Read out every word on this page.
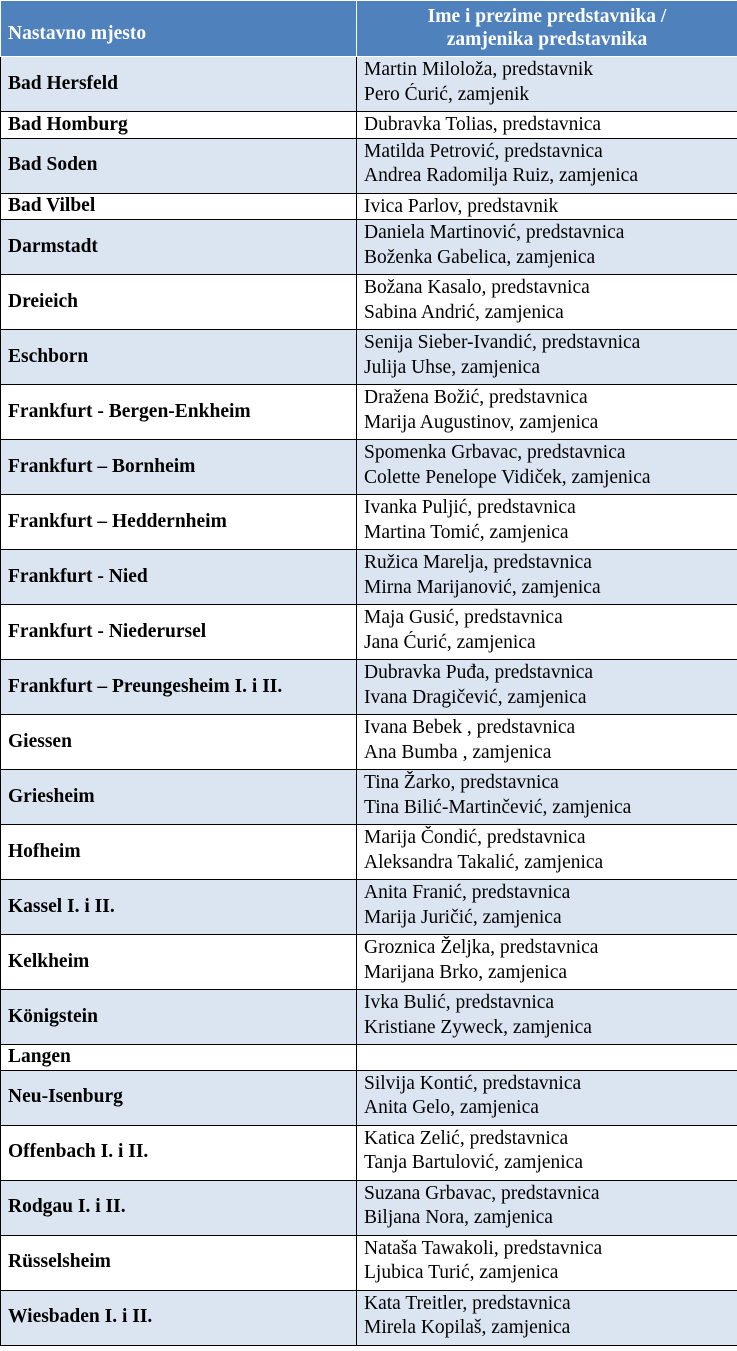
Nastavno mjesto	Ime i prezime predstavnika /
zamjenika predstavnika
Bad Hersfeld	Martin Miloloža, predstavnik
Pero Ćurić, zamjenik

Bad Homburg	Dubravka Tolias, predstavnica

Bad Soden	Matilda Petrović, predstavnica
Andrea Radomilja Ruiz, zamjenica

Bad Vilbel	Ivica Parlov, predstavnik

Darmstadt	Daniela Martinović, predstavnica
Boženka Gabelica, zamjenica

Dreieich	Božana Kasalo, predstavnica
Sabina Andrić, zamjenica

Eschborn	Senija Sieber-Ivandić, predstavnica
Julija Uhse, zamjenica

Frankfurt - Bergen-Enkheim	Dražena Božić, predstavnica
Marija Augustinov, zamjenica

Frankfurt – Bornheim	Spomenka Grbavac, predstavnica
Colette Penelope Vidiček, zamjenica

Frankfurt – Heddernheim	Ivanka Puljić, predstavnica
Martina Tomić, zamjenica

Frankfurt - Nied	Ružica Marelja, predstavnica
Mirna Marijanović, zamjenica

Frankfurt - Niederursel	Maja Gusić, predstavnica
Jana Ćurić, zamjenica

Frankfurt – Preungesheim I. i II.	Dubravka Puđa, predstavnica
Ivana Dragičević, zamjenica

Giessen	Ivana Bebek , predstavnica
Ana Bumba , zamjenica

Griesheim	Tina Žarko, predstavnica
Tina Bilić-Martinčević, zamjenica

Hofheim	Marija Čondić, predstavnica
Aleksandra Takalić, zamjenica

Kassel I. i II.	Anita Franić, predstavnica
Marija Juričić, zamjenica

Kelkheim	Groznica Željka, predstavnica
Marijana Brko, zamjenica

Königstein	Ivka Bulić, predstavnica
Kristiane Zyweck, zamjenica

Langen	
Neu-Isenburg	Silvija Kontić, predstavnica
Anita Gelo, zamjenica

Offenbach I. i II.	Katica Zelić, predstavnica
Tanja Bartulović, zamjenica

Rodgau I. i II.	Suzana Grbavac, predstavnica
Biljana Nora, zamjenica

Rüsselsheim	Nataša Tawakoli, predstavnica
Ljubica Turić, zamjenica

Wiesbaden I. i II.	Kata Treitler, predstavnica
Mirela Kopilaš, zamjenica
